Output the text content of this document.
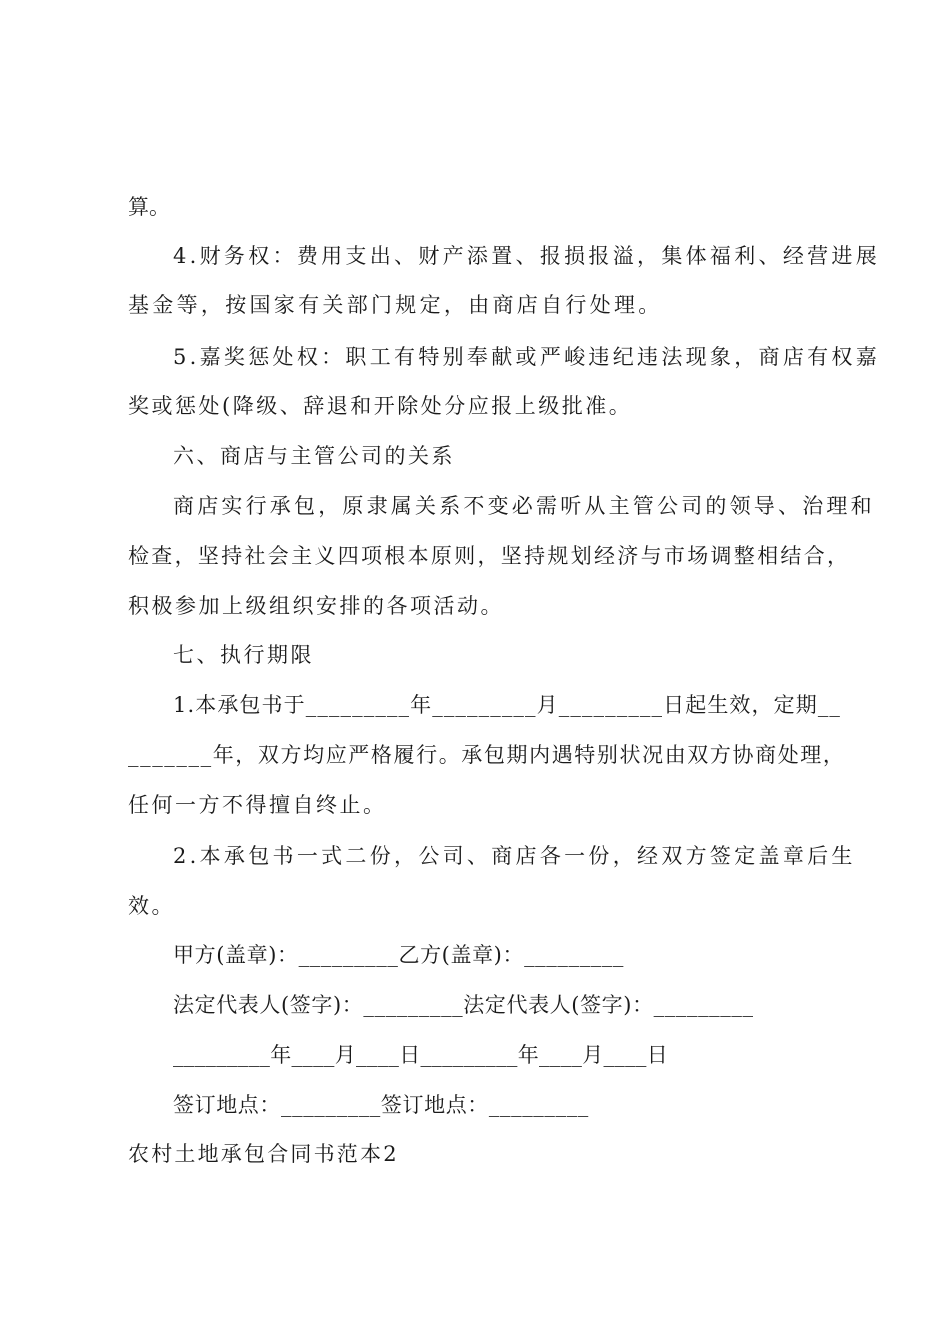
算。

4.财务权：费用支出、财产添置、报损报溢，集体福利、经营进展

基金等，按国家有关部门规定，由商店自行处理。

5.嘉奖惩处权：职工有特别奉献或严峻违纪违法现象，商店有权嘉

奖或惩处(降级、辞退和开除处分应报上级批准。

六、商店与主管公司的关系

商店实行承包，原隶属关系不变必需听从主管公司的领导、治理和

检查，坚持社会主义四项根本原则，坚持规划经济与市场调整相结合，

积极参加上级组织安排的各项活动。

七、执行期限

1.本承包书于_________年_________月_________日起生效，定期__

_______年，双方均应严格履行。承包期内遇特别状况由双方协商处理，

任何一方不得擅自终止。

2.本承包书一式二份，公司、商店各一份，经双方签定盖章后生

效。

甲方(盖章)：_________乙方(盖章)：_________

法定代表人(签字)：_________法定代表人(签字)：_________

_________年____月____日_________年____月____日

签订地点：_________签订地点：_________

农村土地承包合同书范本2
